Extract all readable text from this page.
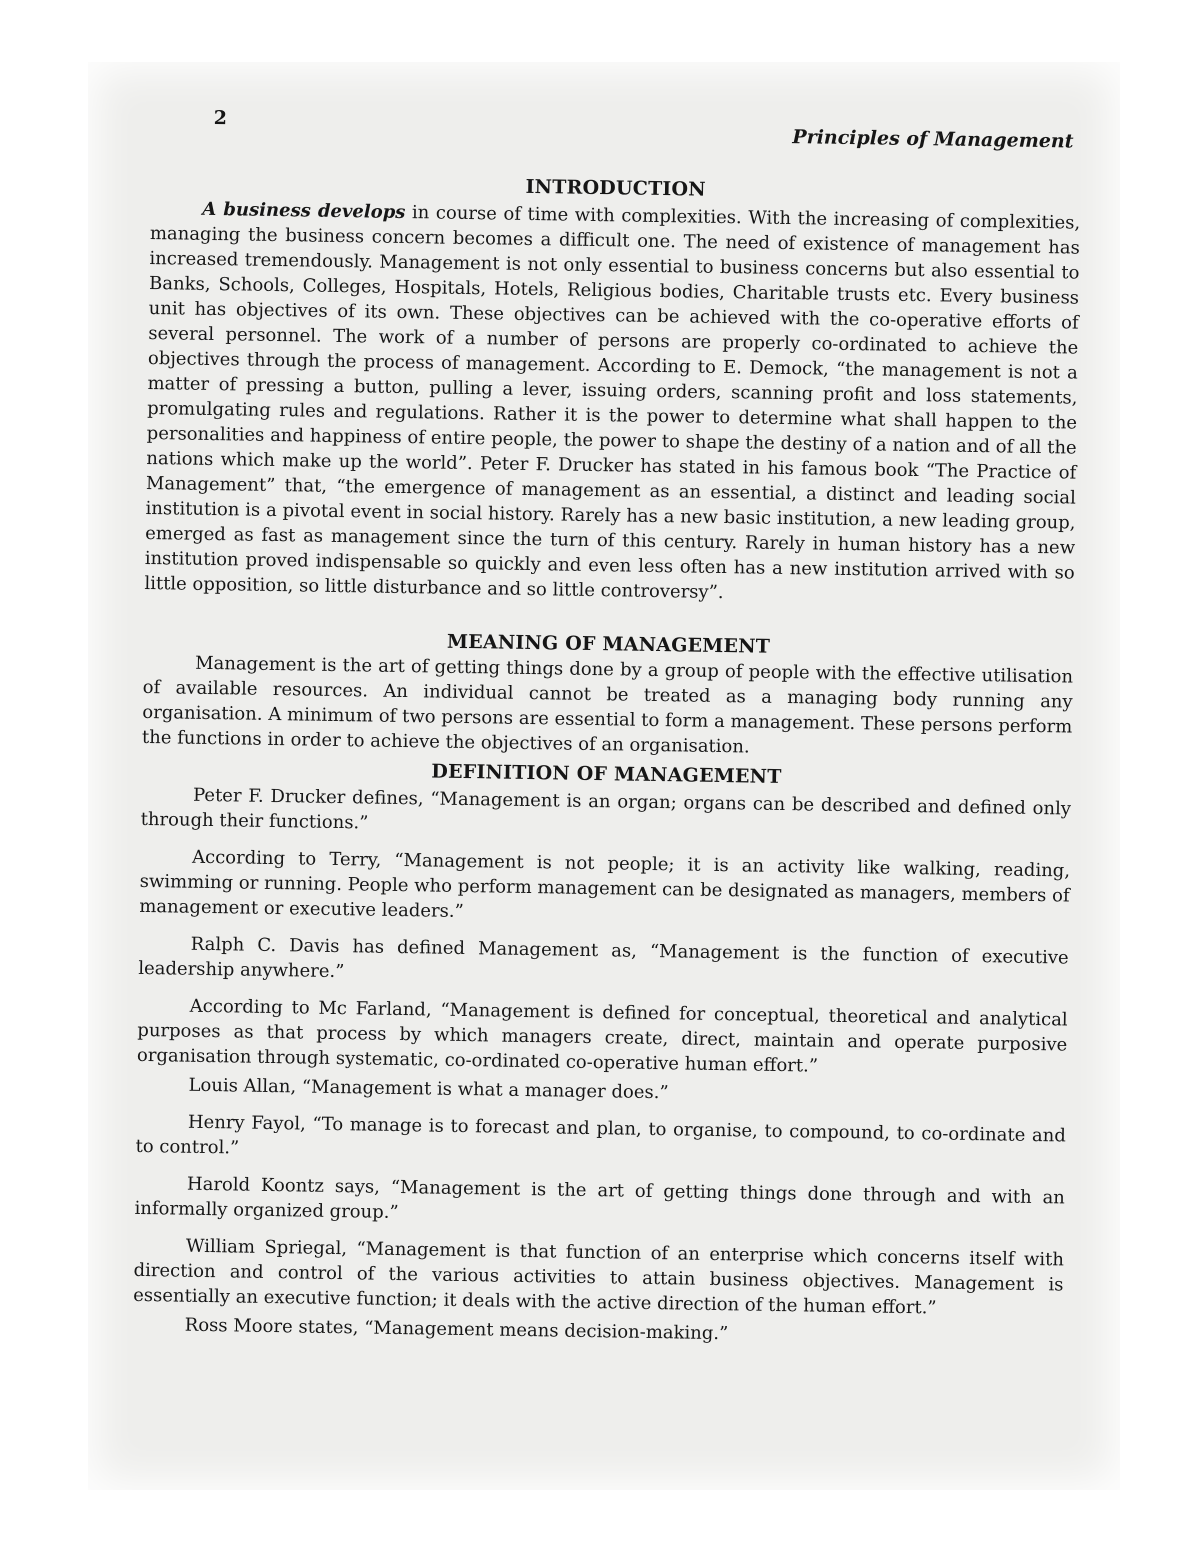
2
Principles of Management
INTRODUCTION

A business develops in course of time with complexities. With the increasing of complexities, managing the business concern becomes a difficult one. The need of existence of management has increased tremendously. Management is not only essential to business concerns but also essential to Banks, Schools, Colleges, Hospitals, Hotels, Religious bodies, Charitable trusts etc. Every business unit has objectives of its own. These objectives can be achieved with the co-operative efforts of several personnel. The work of a number of persons are properly co-ordinated to achieve the objectives through the process of management. According to E. Demock, “the management is not a matter of pressing a button, pulling a lever, issuing orders, scanning profit and loss statements, promulgating rules and regulations. Rather it is the power to determine what shall happen to the personalities and happiness of entire people, the power to shape the destiny of a nation and of all the nations which make up the world”. Peter F. Drucker has stated in his famous book “The Practice of Management” that, “the emergence of management as an essential, a distinct and leading social institution is a pivotal event in social history. Rarely has a new basic institution, a new leading group, emerged as fast as management since the turn of this century. Rarely in human history has a new institution proved indispensable so quickly and even less often has a new institution arrived with so little opposition, so little disturbance and so little controversy”.

MEANING OF MANAGEMENT

Management is the art of getting things done by a group of people with the effective utilisation of available resources. An individual cannot be treated as a managing body running any organisation. A minimum of two persons are essential to form a management. These persons perform the functions in order to achieve the objectives of an organisation.

DEFINITION OF MANAGEMENT

Peter F. Drucker defines, “Management is an organ; organs can be described and defined only through their functions.”

According to Terry, “Management is not people; it is an activity like walking, reading, swimming or running. People who perform management can be designated as managers, members of management or executive leaders.”

Ralph C. Davis has defined Management as, “Management is the function of executive leadership anywhere.”

According to Mc Farland, “Management is defined for conceptual, theoretical and analytical purposes as that process by which managers create, direct, maintain and operate purposive organisation through systematic, co-ordinated co-operative human effort.”

Louis Allan, “Management is what a manager does.”

Henry Fayol, “To manage is to forecast and plan, to organise, to compound, to co-ordinate and to control.”

Harold Koontz says, “Management is the art of getting things done through and with an informally organized group.”

William Spriegal, “Management is that function of an enterprise which concerns itself with direction and control of the various activities to attain business objectives. Management is essentially an executive function; it deals with the active direction of the human effort.”

Ross Moore states, “Management means decision-making.”
